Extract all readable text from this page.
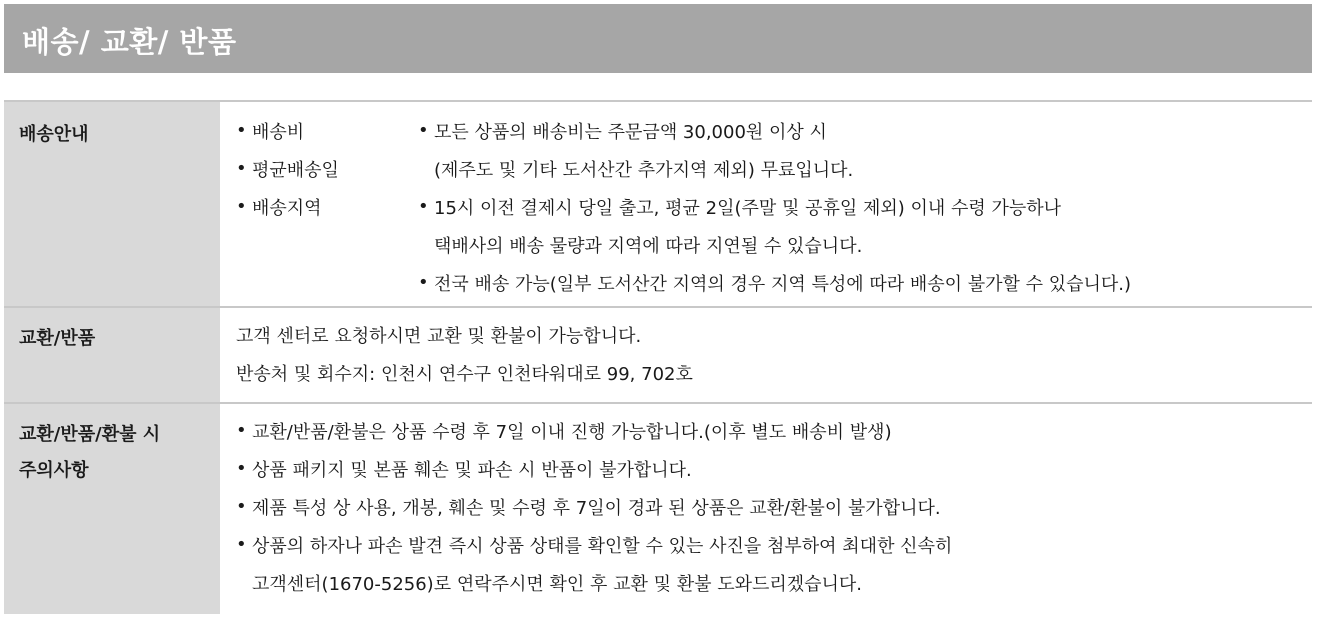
배송/ 교환/ 반품
배송안내	• 배송비
• 평균배송일
• 배송지역
• 모든 상품의 배송비는 주문금액 30,000원 이상 시
(제주도 및 기타 도서산간 추가지역 제외) 무료입니다.
• 15시 이전 결제시 당일 출고, 평균 2일(주말 및 공휴일 제외) 이내 수령 가능하나
택배사의 배송 물량과 지역에 따라 지연될 수 있습니다.
• 전국 배송 가능(일부 도서산간 지역의 경우 지역 특성에 따라 배송이 불가할 수 있습니다.)
교환/반품	고객 센터로 요청하시면 교환 및 환불이 가능합니다.
반송처 및 회수지: 인천시 연수구 인천타워대로 99, 702호
교환/반품/환불 시
주의사항
• 교환/반품/환불은 상품 수령 후 7일 이내 진행 가능합니다.(이후 별도 배송비 발생)
• 상품 패키지 및 본품 훼손 및 파손 시 반품이 불가합니다.
• 제품 특성 상 사용, 개봉, 훼손 및 수령 후 7일이 경과 된 상품은 교환/환불이 불가합니다.
• 상품의 하자나 파손 발견 즉시 상품 상태를 확인할 수 있는 사진을 첨부하여 최대한 신속히
고객센터(1670-5256)로 연락주시면 확인 후 교환 및 환불 도와드리겠습니다.
